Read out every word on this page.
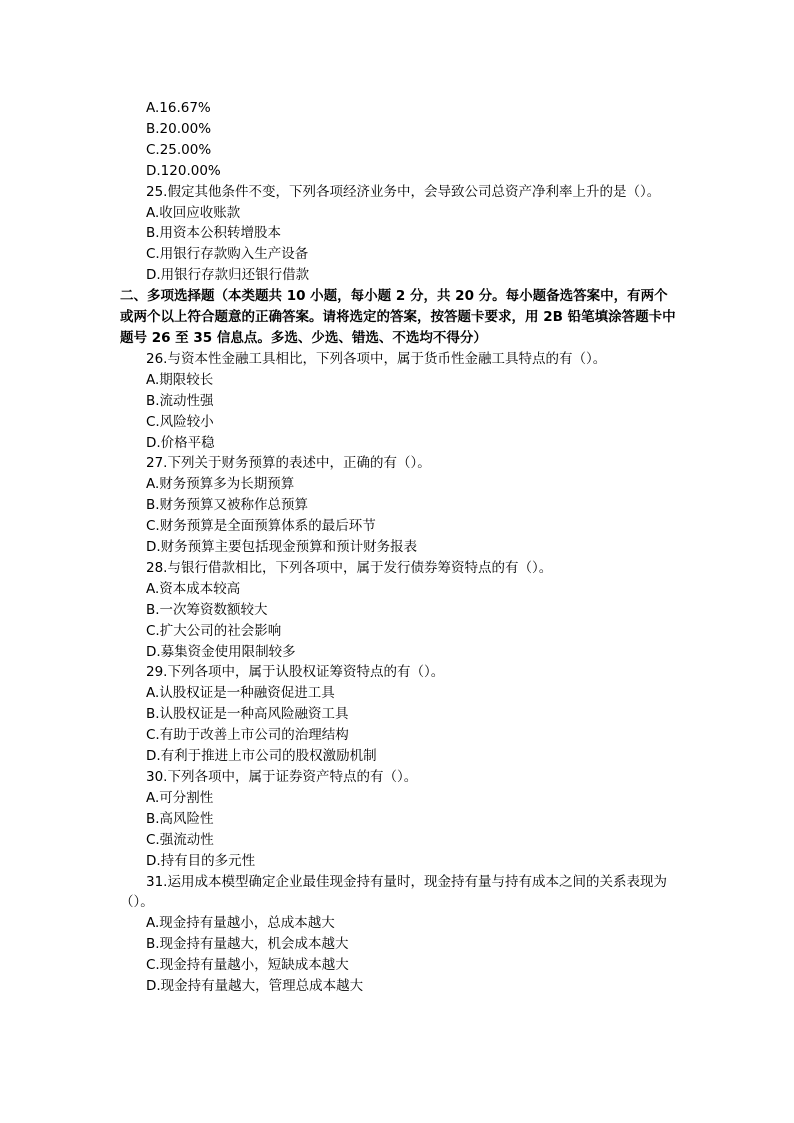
A.16.67%
B.20.00%
C.25.00%
D.120.00%
25.假定其他条件不变，下列各项经济业务中，会导致公司总资产净利率上升的是（）。
A.收回应收账款
B.用资本公积转增股本
C.用银行存款购入生产设备
D.用银行存款归还银行借款
二、多项选择题（本类题共 10 小题，每小题 2 分，共 20 分。每小题备选答案中，有两个或两个以上符合题意的正确答案。请将选定的答案，按答题卡要求，用 2B 铅笔填涂答题卡中题号 26 至 35 信息点。多选、少选、错选、不选均不得分）
26.与资本性金融工具相比，下列各项中，属于货币性金融工具特点的有（）。
A.期限较长
B.流动性强
C.风险较小
D.价格平稳
27.下列关于财务预算的表述中，正确的有（）。
A.财务预算多为长期预算
B.财务预算又被称作总预算
C.财务预算是全面预算体系的最后环节
D.财务预算主要包括现金预算和预计财务报表
28.与银行借款相比，下列各项中，属于发行债券筹资特点的有（）。
A.资本成本较高
B.一次筹资数额较大
C.扩大公司的社会影响
D.募集资金使用限制较多
29.下列各项中，属于认股权证筹资特点的有（）。
A.认股权证是一种融资促进工具
B.认股权证是一种高风险融资工具
C.有助于改善上市公司的治理结构
D.有利于推进上市公司的股权激励机制
30.下列各项中，属于证券资产特点的有（）。
A.可分割性
B.高风险性
C.强流动性
D.持有目的多元性
31.运用成本模型确定企业最佳现金持有量时，现金持有量与持有成本之间的关系表现为（）。
A.现金持有量越小，总成本越大
B.现金持有量越大，机会成本越大
C.现金持有量越小，短缺成本越大
D.现金持有量越大，管理总成本越大
